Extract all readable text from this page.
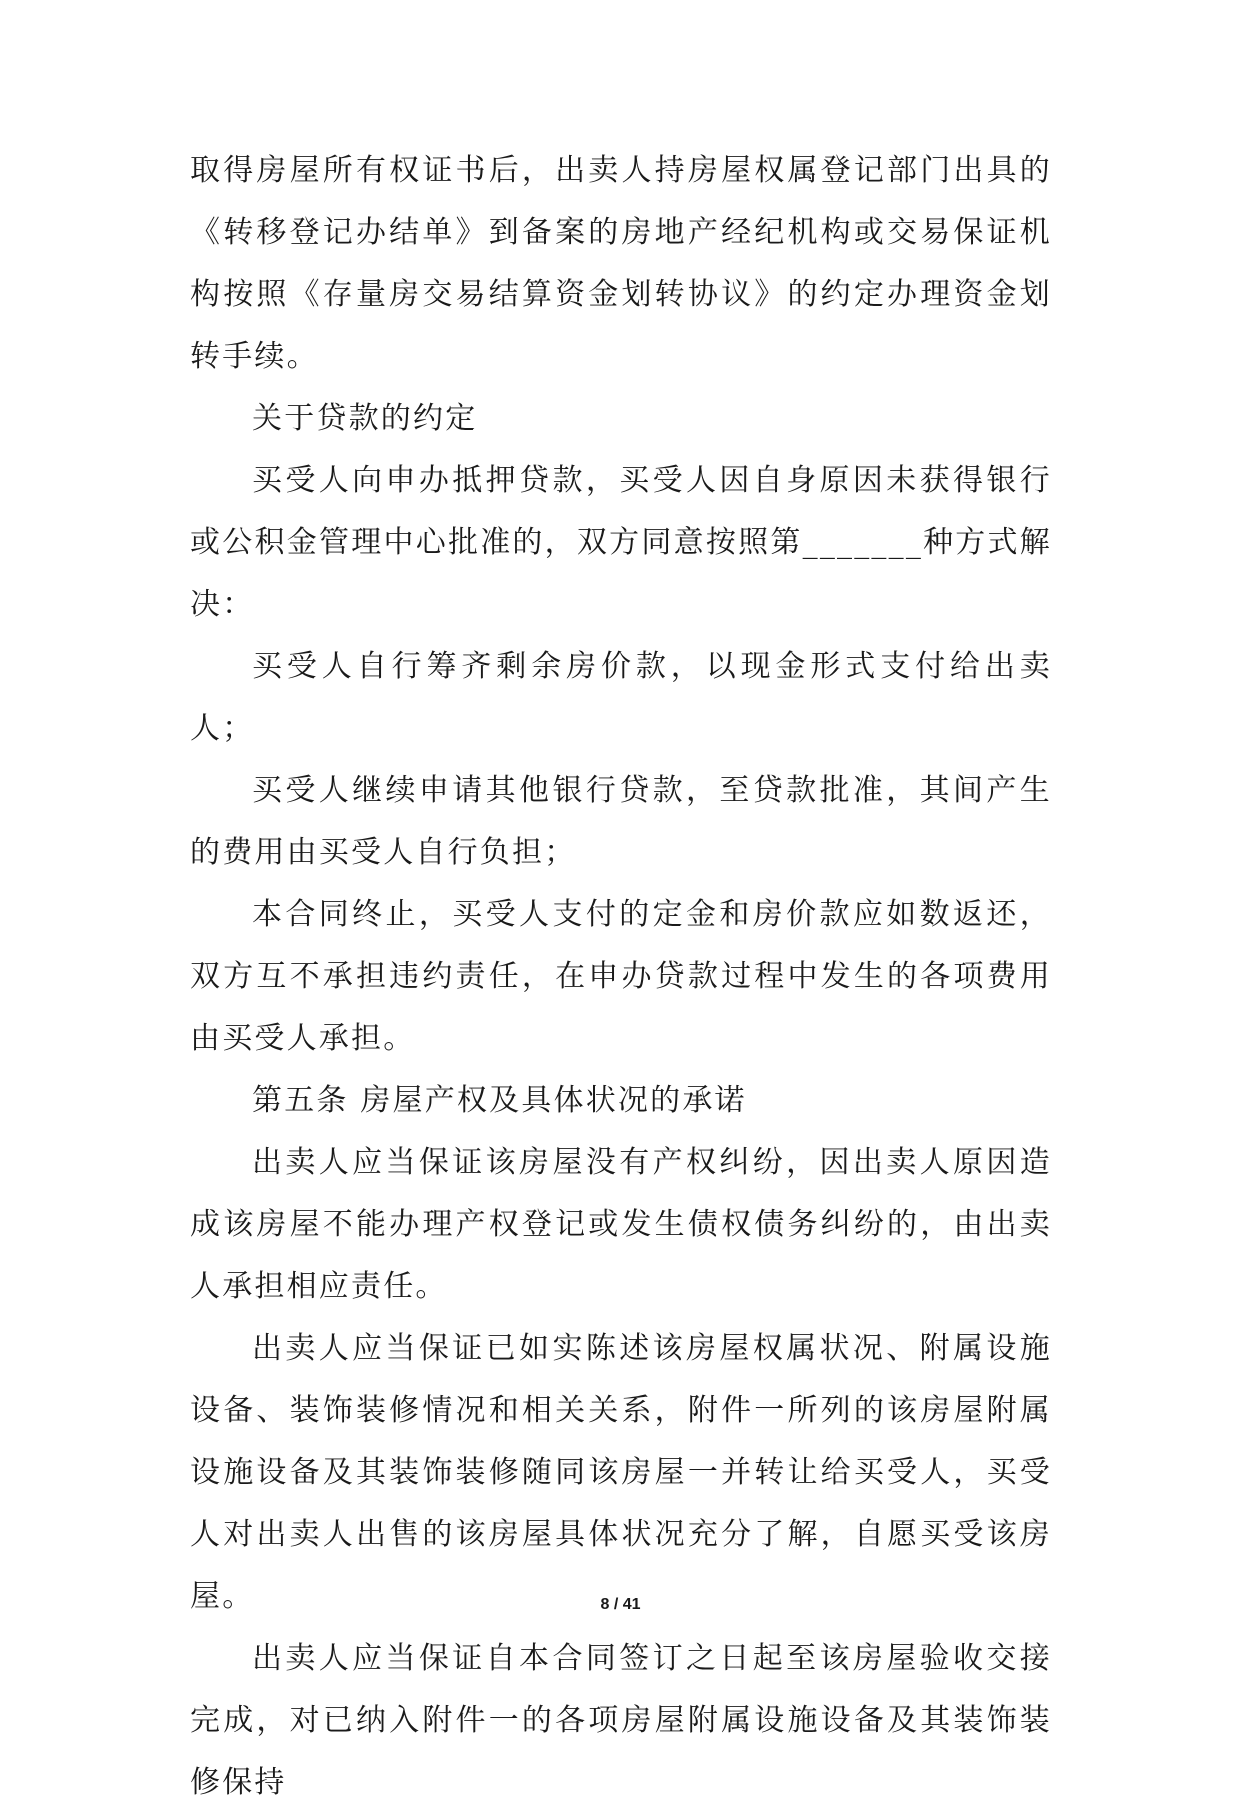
取得房屋所有权证书后，出卖人持房屋权属登记部门出具的《转移登记办结单》到备案的房地产经纪机构或交易保证机构按照《存量房交易结算资金划转协议》的约定办理资金划转手续。

关于贷款的约定

买受人向申办抵押贷款，买受人因自身原因未获得银行或公积金管理中心批准的，双方同意按照第_______种方式解决：

买受人自行筹齐剩余房价款，以现金形式支付给出卖人；

买受人继续申请其他银行贷款，至贷款批准，其间产生的费用由买受人自行负担；

本合同终止，买受人支付的定金和房价款应如数返还，双方互不承担违约责任，在申办贷款过程中发生的各项费用由买受人承担。

第五条 房屋产权及具体状况的承诺

出卖人应当保证该房屋没有产权纠纷，因出卖人原因造成该房屋不能办理产权登记或发生债权债务纠纷的，由出卖人承担相应责任。

出卖人应当保证已如实陈述该房屋权属状况、附属设施设备、装饰装修情况和相关关系，附件一所列的该房屋附属设施设备及其装饰装修随同该房屋一并转让给买受人，买受人对出卖人出售的该房屋具体状况充分了解，自愿买受该房屋。

出卖人应当保证自本合同签订之日起至该房屋验收交接完成，对已纳入附件一的各项房屋附属设施设备及其装饰装修保持

8 / 41
